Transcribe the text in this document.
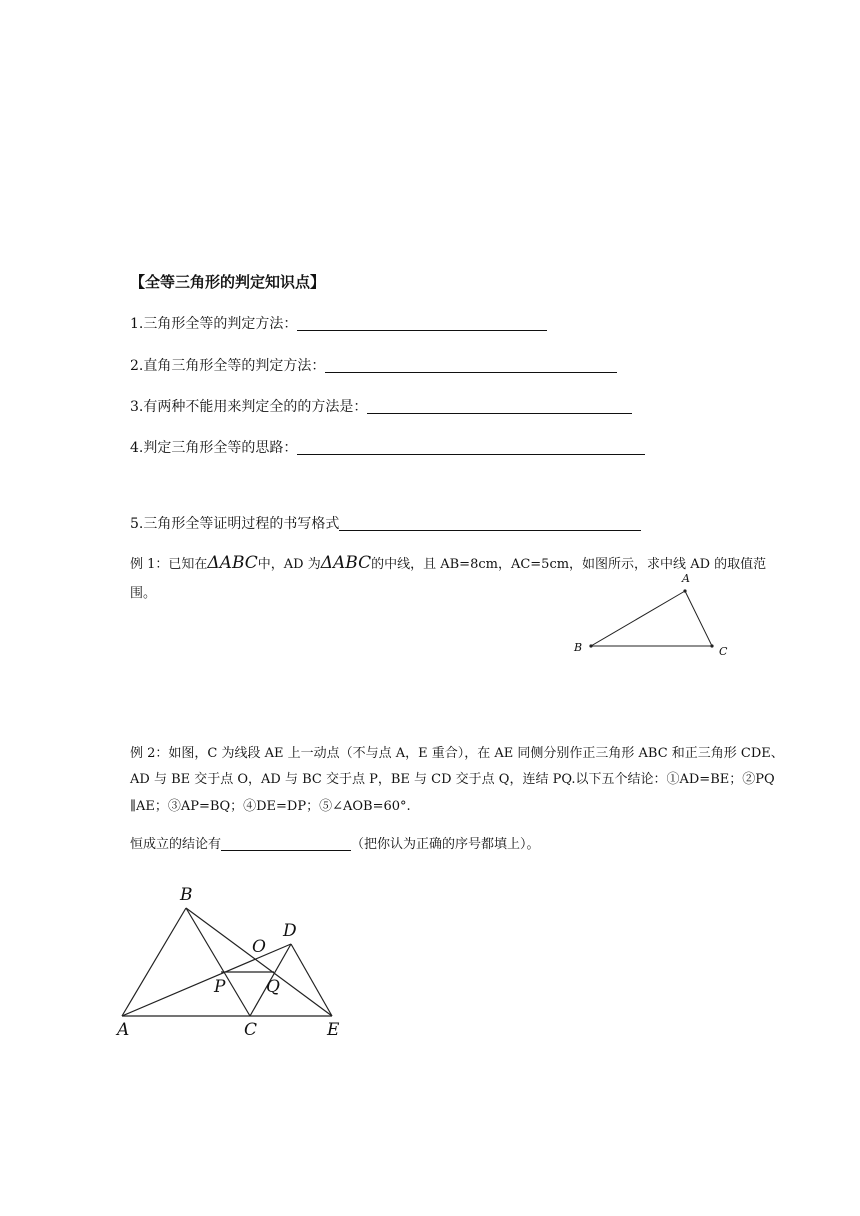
【全等三角形的判定知识点】
1.三角形全等的判定方法：
2.直角三角形全等的判定方法：
3.有两种不能用来判定全的的方法是：
4.判定三角形全等的思路：
5.三角形全等证明过程的书写格式
例 1：已知在ΔABC中，AD 为ΔABC的中线，且 AB=8cm，AC=5cm，如图所示，求中线 AD 的取值范
围。
A
B	C
例 2：如图，C 为线段 AE 上一动点（不与点 A，E 重合），在 AE 同侧分别作正三角形 ABC 和正三角形 CDE、
AD 与 BE 交于点 O，AD 与 BC 交于点 P，BE 与 CD 交于点 Q，连结 PQ.以下五个结论：①AD=BE；②PQ
∥AE；③AP=BQ；④DE=DP；⑤∠AOB=60°.
恒成立的结论有	（把你认为正确的序号都填上）。
B
D
O
P Q
A	C	E
